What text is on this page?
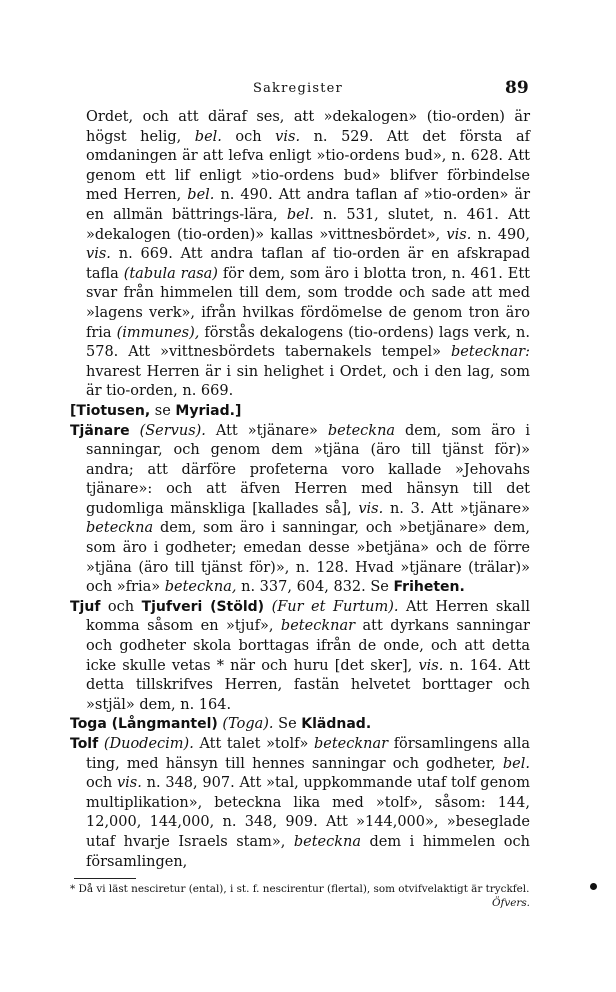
Sakregister	89

Ordet, och att däraf ses, att »dekalogen» (tio-orden) är högst helig, bel. och vis. n. 529. Att det första af omdaningen är att lefva enligt »tio-ordens bud», n. 628. Att genom ett lif enligt »tio-ordens bud» blifver förbindelse med Herren, bel. n. 490. Att andra taflan af »tio-orden» är en allmän bättrings-lära, bel. n. 531, slutet, n. 461. Att »dekalogen (tio-orden)» kallas »vittnesbördet», vis. n. 490, vis. n. 669. Att andra taflan af tio-orden är en afskrapad tafla (tabula rasa) för dem, som äro i blotta tron, n. 461. Ett svar från himmelen till dem, som trodde och sade att med »lagens verk», ifrån hvilkas fördömelse de genom tron äro fria (immunes), förstås dekalogens (tio-ordens) lags verk, n. 578. Att »vittnesbördets tabernakels tempel» betecknar: hvarest Herren är i sin helighet i Ordet, och i den lag, som är tio-orden, n. 669.

[Tiotusen, se Myriad.]

Tjänare (Servus). Att »tjänare» betecknа dem, som äro i sanningar, och genom dem »tjäna (äro till tjänst för)» andra; att därföre profeterna voro kallade »Jehovahs tjänare»: och att äfven Herren med hänsyn till det gudomliga mänskliga [kallades så], vis. n. 3. Att »tjänare» betecknа dem, som äro i sanningar, och »betjänare» dem, som äro i godheter; emedan desse »betjäna» och de förre »tjäna (äro till tjänst för)», n. 128. Hvad »tjänare (trälar)» och »fria» betecknа, n. 337, 604, 832. Se Friheten.

Tjuf och Tjufveri (Stöld) (Fur et Furtum). Att Herren skall komma såsom en »tjuf», betecknar att dyrkans sanningar och godheter skola borttagas ifrån de onde, och att detta icke skulle vetas * när och huru [det sker], vis. n. 164. Att detta tillskrifves Herren, fastän helvetet borttager och »stjäl» dem, n. 164.

Toga (Långmantel) (Toga). Se Klädnad.

Tolf (Duodecim). Att talet »tolf» betecknar församlingens alla ting, med hänsyn till hennes sanningar och godheter, bel. och vis. n. 348, 907. Att »tal, uppkommande utaf tolf genom multiplikation», beteckna lika med »tolf», såsom: 144, 12,000, 144,000, n. 348, 909. Att »144,000», »beseglade utaf hvarje Israels stam», betecknа dem i himmelen och församlingen,

* Då vi läst nesciretur (ental), i st. f. nescirentur (flertal), som otvifvelaktigt är tryckfel.
Öfvers.
